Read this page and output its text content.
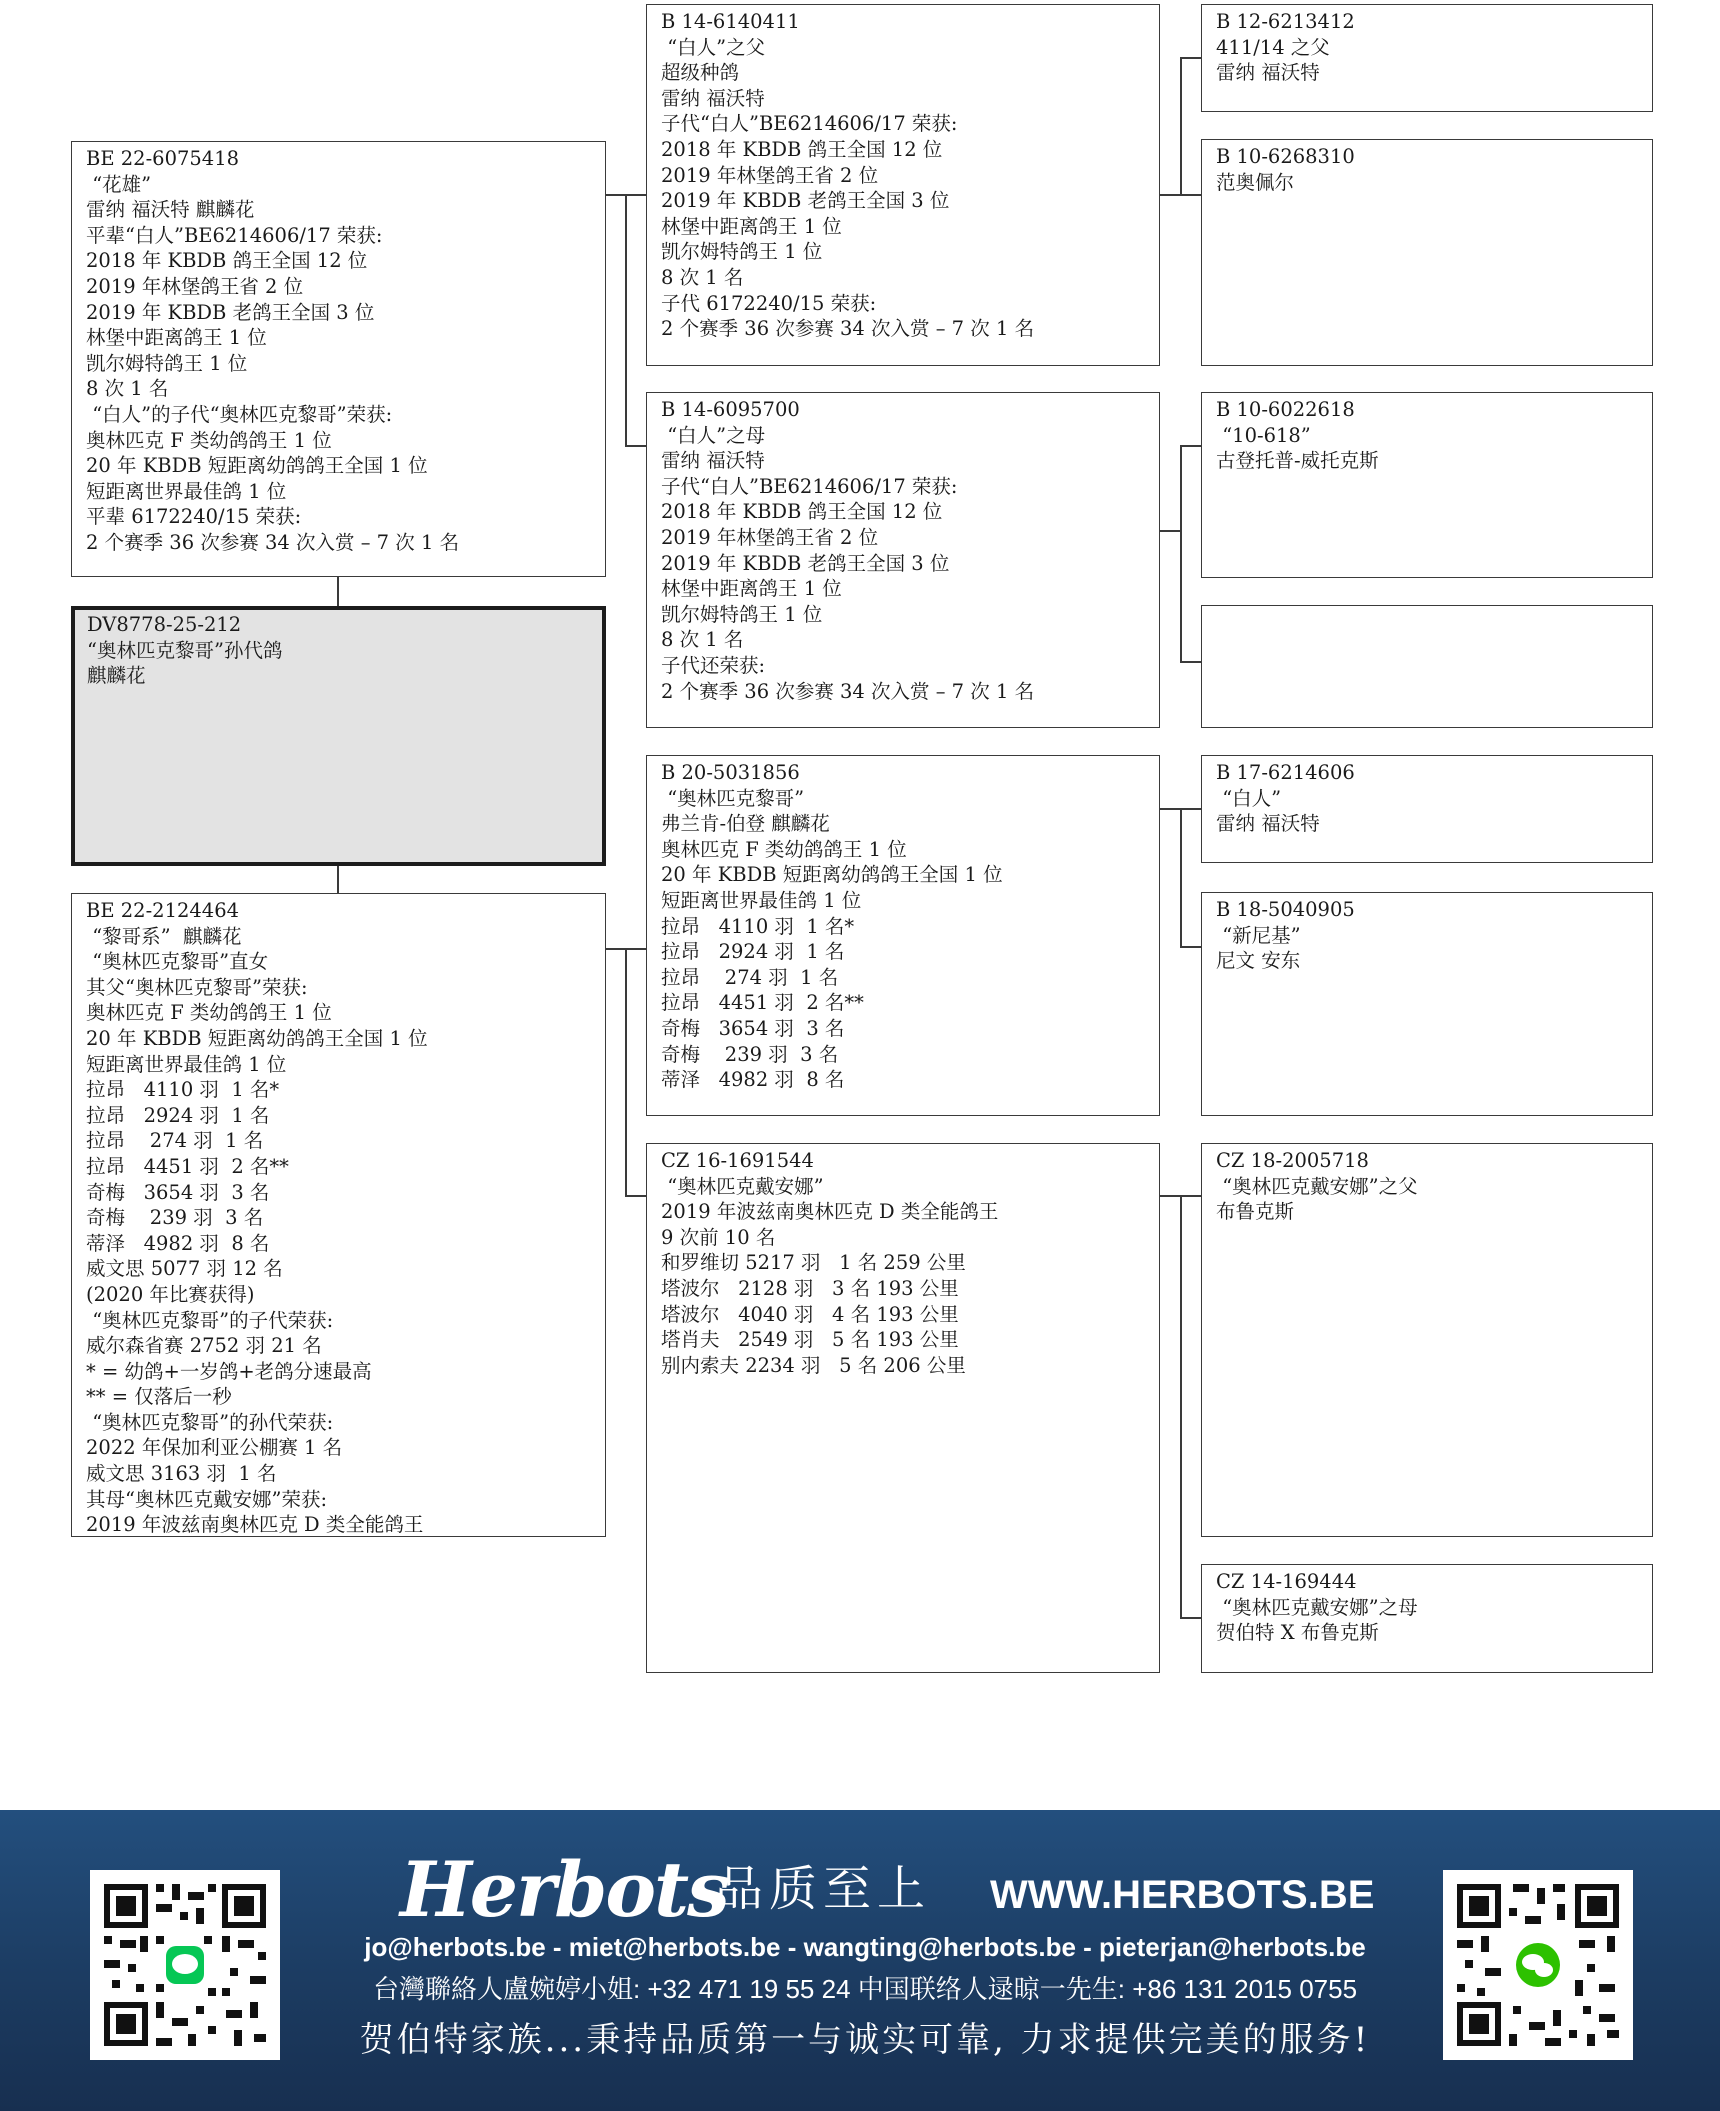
BE 22-6075418
“花雄”
雷纳 福沃特 麒麟花
平辈“白人”BE6214606/17 荣获:
2018 年 KBDB 鸽王全国 12 位
2019 年林堡鸽王省 2 位
2019 年 KBDB 老鸽王全国 3 位
林堡中距离鸽王 1 位
凯尔姆特鸽王 1 位
8 次 1 名
“白人”的子代“奥林匹克黎哥”荣获:
奥林匹克 F 类幼鸽鸽王 1 位
20 年 KBDB 短距离幼鸽鸽王全国 1 位
短距离世界最佳鸽 1 位
平辈 6172240/15 荣获:
2 个赛季 36 次参赛 34 次入赏 – 7 次 1 名
DV8778-25-212
“奥林匹克黎哥”孙代鸽
麒麟花
BE 22-2124464
“黎哥系”  麒麟花
“奥林匹克黎哥”直女
其父“奥林匹克黎哥”荣获:
奥林匹克 F 类幼鸽鸽王 1 位
20 年 KBDB 短距离幼鸽鸽王全国 1 位
短距离世界最佳鸽 1 位
拉昂   4110 羽  1 名*
拉昂   2924 羽  1 名
拉昂    274 羽  1 名
拉昂   4451 羽  2 名**
奇梅   3654 羽  3 名
奇梅    239 羽  3 名
蒂泽   4982 羽  8 名
威文思 5077 羽 12 名
(2020 年比赛获得)
“奥林匹克黎哥”的子代荣获:
威尔森省赛 2752 羽 21 名
* = 幼鸽+一岁鸽+老鸽分速最高
** = 仅落后一秒
“奥林匹克黎哥”的孙代荣获:
2022 年保加利亚公棚赛 1 名
威文思 3163 羽  1 名
其母“奥林匹克戴安娜”荣获:
2019 年波兹南奥林匹克 D 类全能鸽王
B 14-6140411
“白人”之父
超级种鸽
雷纳 福沃特
子代“白人”BE6214606/17 荣获:
2018 年 KBDB 鸽王全国 12 位
2019 年林堡鸽王省 2 位
2019 年 KBDB 老鸽王全国 3 位
林堡中距离鸽王 1 位
凯尔姆特鸽王 1 位
8 次 1 名
子代 6172240/15 荣获:
2 个赛季 36 次参赛 34 次入赏 – 7 次 1 名
B 14-6095700
“白人”之母
雷纳 福沃特
子代“白人”BE6214606/17 荣获:
2018 年 KBDB 鸽王全国 12 位
2019 年林堡鸽王省 2 位
2019 年 KBDB 老鸽王全国 3 位
林堡中距离鸽王 1 位
凯尔姆特鸽王 1 位
8 次 1 名
子代还荣获:
2 个赛季 36 次参赛 34 次入赏 – 7 次 1 名
B 20-5031856
“奥林匹克黎哥”
弗兰肯-伯登 麒麟花
奥林匹克 F 类幼鸽鸽王 1 位
20 年 KBDB 短距离幼鸽鸽王全国 1 位
短距离世界最佳鸽 1 位
拉昂   4110 羽  1 名*
拉昂   2924 羽  1 名
拉昂    274 羽  1 名
拉昂   4451 羽  2 名**
奇梅   3654 羽  3 名
奇梅    239 羽  3 名
蒂泽   4982 羽  8 名
CZ 16-1691544
“奥林匹克戴安娜”
2019 年波兹南奥林匹克 D 类全能鸽王
9 次前 10 名
和罗维切 5217 羽   1 名 259 公里
塔波尔   2128 羽   3 名 193 公里
塔波尔   4040 羽   4 名 193 公里
塔肖夫   2549 羽   5 名 193 公里
别内索夫 2234 羽   5 名 206 公里
B 12-6213412
411/14 之父
雷纳 福沃特
B 10-6268310
范奥佩尔
B 10-6022618
“10-618”
古登托普-威托克斯
B 17-6214606
“白人”
雷纳 福沃特
B 18-5040905
“新尼基”
尼文 安东
CZ 18-2005718
“奥林匹克戴安娜”之父
布鲁克斯
CZ 14-169444
“奥林匹克戴安娜”之母
贺伯特 X 布鲁克斯
Herbots
品质至上 WWW.HERBOTS.BE
jo@herbots.be - miet@herbots.be - wangting@herbots.be - pieterjan@herbots.be
台灣聯絡人盧婉婷小姐: +32 471 19 55 24 中国联络人逯晾一先生: +86 131 2015 0755
贺伯特家族...秉持品质第一与诚实可靠, 力求提供完美的服务!
